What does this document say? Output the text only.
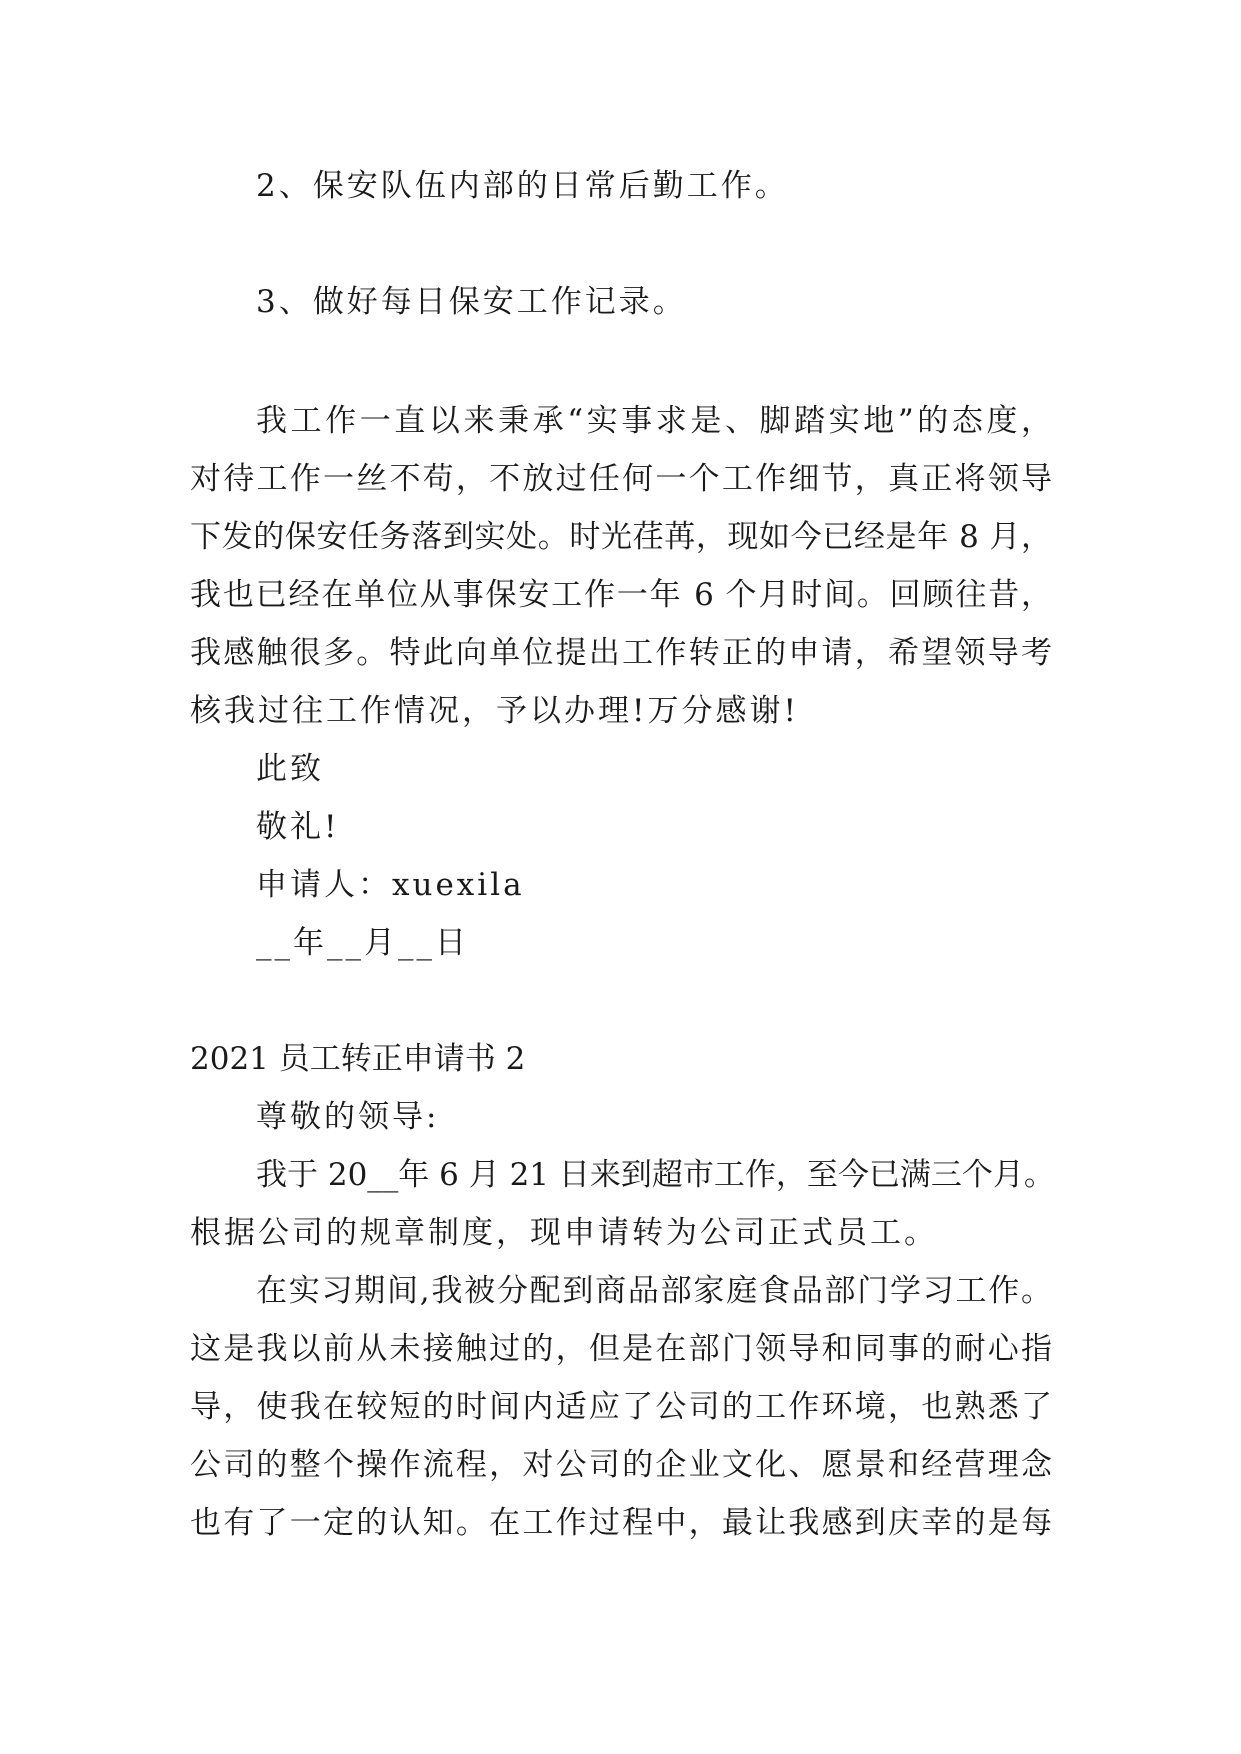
2、保安队伍内部的日常后勤工作。
3、做好每日保安工作记录。
我工作一直以来秉承“实事求是、脚踏实地”的态度，
对待工作一丝不苟，不放过任何一个工作细节，真正将领导
下发的保安任务落到实处。时光荏苒，现如今已经是年 8 月，
我也已经在单位从事保安工作一年 6 个月时间。回顾往昔，
我感触很多。特此向单位提出工作转正的申请，希望领导考
核我过往工作情况，予以办理!万分感谢!
此致
敬礼!
申请人：xuexila
__年__月__日
2021 员工转正申请书 2
尊敬的领导:
我于 20__年 6 月 21 日来到超市工作，至今已满三个月。
根据公司的规章制度，现申请转为公司正式员工。
在实习期间,我被分配到商品部家庭食品部门学习工作。
这是我以前从未接触过的，但是在部门领导和同事的耐心指
导，使我在较短的时间内适应了公司的工作环境，也熟悉了
公司的整个操作流程，对公司的企业文化、愿景和经营理念
也有了一定的认知。在工作过程中，最让我感到庆幸的是每
